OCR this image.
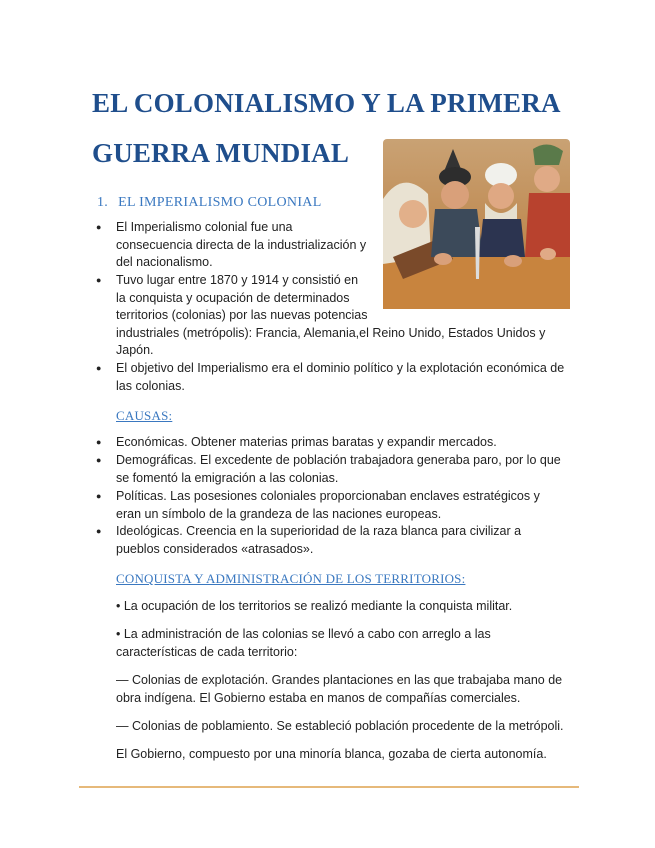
EL COLONIALISMO Y LA PRIMERA
GUERRA MUNDIAL
1. EL IMPERIALISMO COLONIAL
● El Imperialismo colonial fue una
consecuencia directa de la industrialización y
del nacionalismo.
● Tuvo lugar entre 1870 y 1914 y consistió en
la conquista y ocupación de determinados
territorios (colonias) por las nuevas potencias
industriales (metrópolis): Francia, Alemania,el Reino Unido, Estados Unidos y
Japón.
● El objetivo del Imperialismo era el dominio político y la explotación económica de
las colonias.
CAUSAS:
● Económicas. Obtener materias primas baratas y expandir mercados.
● Demográficas. El excedente de población trabajadora generaba paro, por lo que
se fomentó la emigración a las colonias.
● Políticas. Las posesiones coloniales proporcionaban enclaves estratégicos y
eran un símbolo de la grandeza de las naciones europeas.
● Ideológicas. Creencia en la superioridad de la raza blanca para civilizar a
pueblos considerados «atrasados».
CONQUISTA Y ADMINISTRACIÓN DE LOS TERRITORIOS:
• La ocupación de los territorios se realizó mediante la conquista militar.
• La administración de las colonias se llevó a cabo con arreglo a las
características de cada territorio:
— Colonias de explotación. Grandes plantaciones en las que trabajaba mano de
obra indígena. El Gobierno estaba en manos de compañías comerciales.
— Colonias de poblamiento. Se estableció población procedente de la metrópoli.
El Gobierno, compuesto por una minoría blanca, gozaba de cierta autonomía.
